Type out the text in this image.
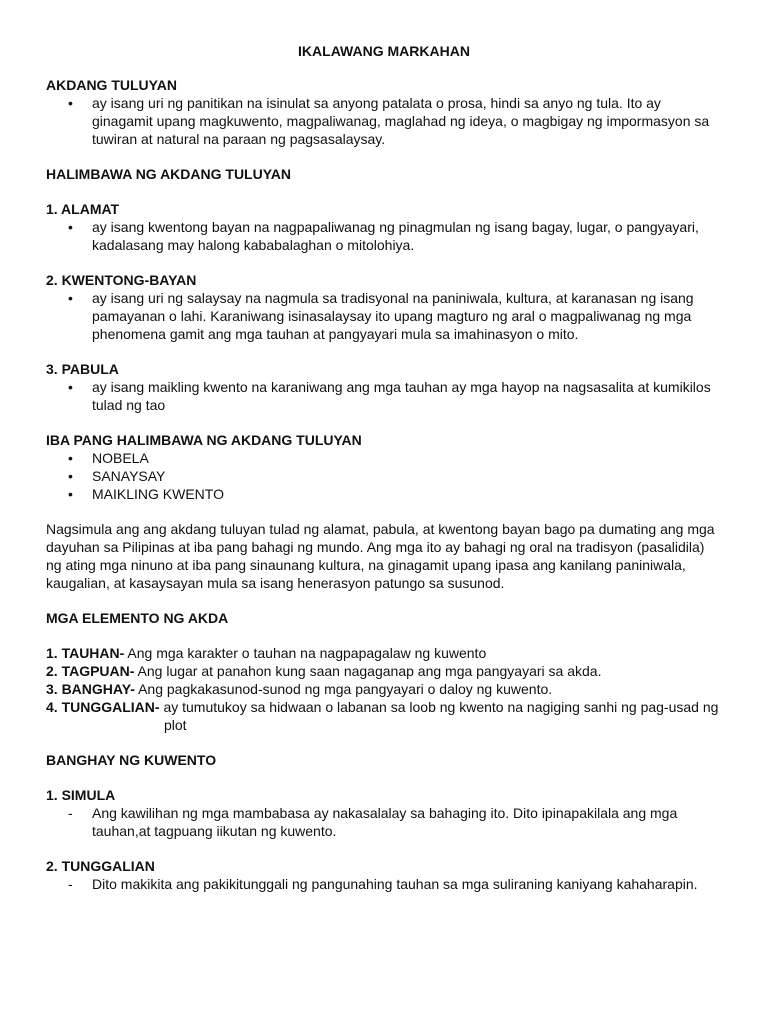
IKALAWANG MARKAHAN
AKDANG TULUYAN
• ay isang uri ng panitikan na isinulat sa anyong patalata o prosa, hindi sa anyo ng tula. Ito ay ginagamit upang magkuwento, magpaliwanag, maglahad ng ideya, o magbigay ng impormasyon sa tuwiran at natural na paraan ng pagsasalaysay.
HALIMBAWA NG AKDANG TULUYAN
1. ALAMAT
• ay isang kwentong bayan na nagpapaliwanag ng pinagmulan ng isang bagay, lugar, o pangyayari, kadalasang may halong kababalaghan o mitolohiya.
2. KWENTONG-BAYAN
• ay isang uri ng salaysay na nagmula sa tradisyonal na paniniwala, kultura, at karanasan ng isang pamayanan o lahi. Karaniwang isinasalaysay ito upang magturo ng aral o magpaliwanag ng mga phenomena gamit ang mga tauhan at pangyayari mula sa imahinasyon o mito.
3. PABULA
• ay isang maikling kwento na karaniwang ang mga tauhan ay mga hayop na nagsasalita at kumikilos tulad ng tao
IBA PANG HALIMBAWA NG AKDANG TULUYAN
• NOBELA
• SANAYSAY
• MAIKLING KWENTO

Nagsimula ang ang akdang tuluyan tulad ng alamat, pabula, at kwentong bayan bago pa dumating ang mga dayuhan sa Pilipinas at iba pang bahagi ng mundo. Ang mga ito ay bahagi ng oral na tradisyon (pasalidila) ng ating mga ninuno at iba pang sinaunang kultura, na ginagamit upang ipasa ang kanilang paniniwala, kaugalian, at kasaysayan mula sa isang henerasyon patungo sa susunod.

MGA ELEMENTO NG AKDA
1. TAUHAN- Ang mga karakter o tauhan na nagpapagalaw ng kuwento
2. TAGPUAN- Ang lugar at panahon kung saan nagaganap ang mga pangyayari sa akda.
3. BANGHAY- Ang pagkakasunod-sunod ng mga pangyayari o daloy ng kuwento.
4. TUNGGALIAN- ay tumutukoy sa hidwaan o labanan sa loob ng kwento na nagiging sanhi ng pag-usad ng plot
BANGHAY NG KUWENTO
1. SIMULA
- Ang kawilihan ng mga mambabasa ay nakasalalay sa bahaging ito. Dito ipinapakilala ang mga tauhan,at tagpuang iikutan ng kuwento.
2. TUNGGALIAN
- Dito makikita ang pakikitunggali ng pangunahing tauhan sa mga suliraning kaniyang kahaharapin.
